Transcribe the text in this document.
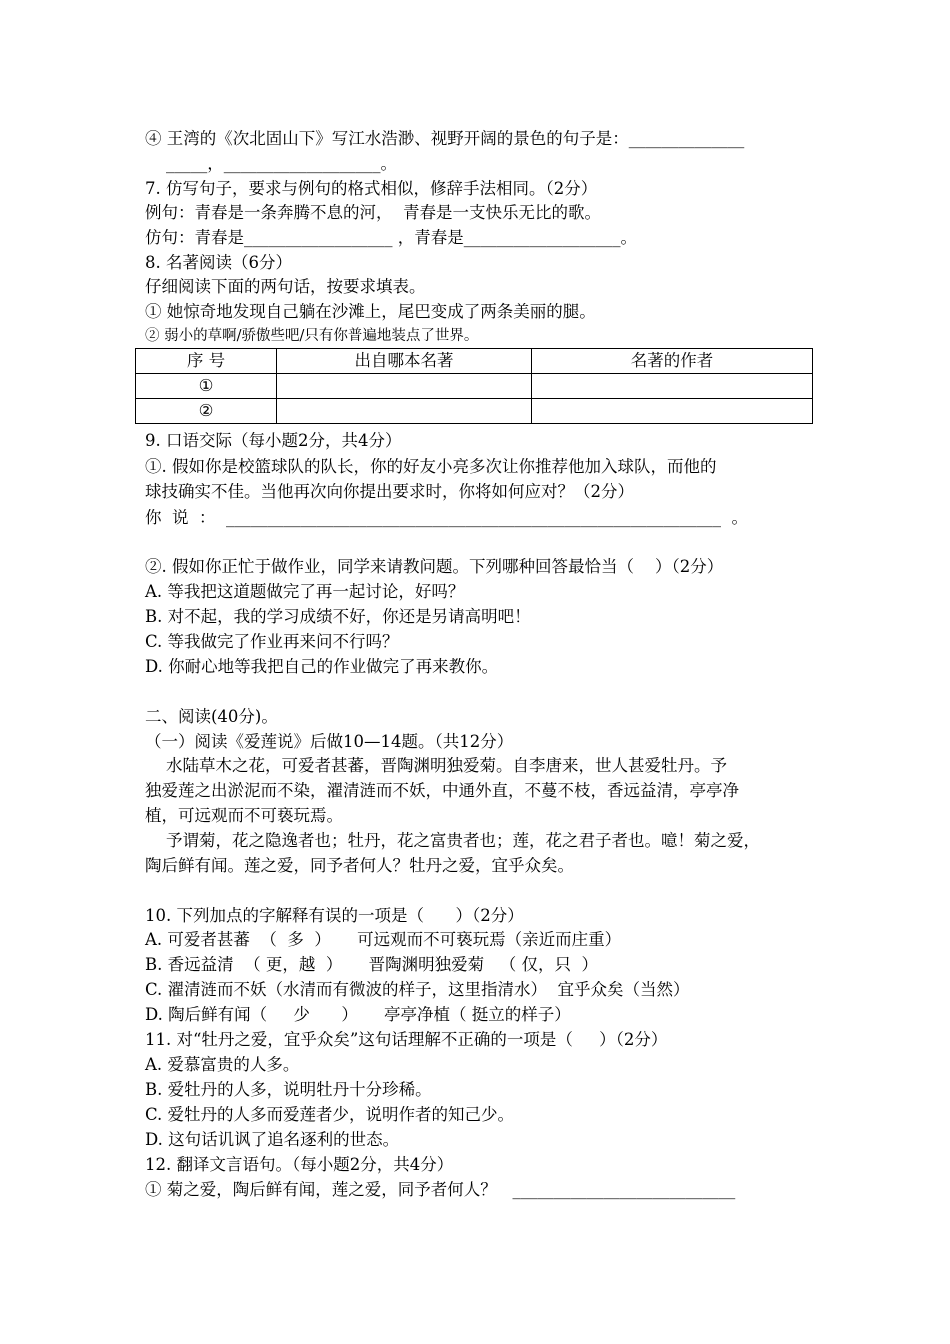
④ 王湾的《次北固山下》写江水浩渺、视野开阔的景色的句子是：______________
_____，___________________。
7. 仿写句子，要求与例句的格式相似，修辞手法相同。（2分）
例句：青春是一条奔腾不息的河，  青春是一支快乐无比的歌。
仿句：青春是__________________ ，青春是___________________。
8. 名著阅读（6分）
仔细阅读下面的两句话，按要求填表。
① 她惊奇地发现自己躺在沙滩上，尾巴变成了两条美丽的腿。
② 弱小的草啊/骄傲些吧/只有你普遍地装点了世界。
序 号	出自哪本名著	名著的作者
①		
②		
9. 口语交际（每小题2分，共4分）
①. 假如你是校篮球队的队长，你的好友小亮多次让你推荐他加入球队，而他的
球技确实不佳。当他再次向你提出要求时，你将如何应对？（2分）
你  说  ：  ____________________________________________________________  。
②. 假如你正忙于做作业，同学来请教问题。下列哪种回答最恰当（    ）（2分）
A. 等我把这道题做完了再一起讨论，好吗？
B. 对不起，我的学习成绩不好，你还是另请高明吧！
C. 等我做完了作业再来问不行吗？
D. 你耐心地等我把自己的作业做完了再来教你。
二、阅读(40分)。
（一）阅读《爱莲说》后做10—14题。（共12分）
水陆草木之花，可爱者甚蕃，晋陶渊明独爱菊。自李唐来，世人甚爱牡丹。予
独爱莲之出淤泥而不染，濯清涟而不妖，中通外直，不蔓不枝，香远益清，亭亭净
植，可远观而不可亵玩焉。
予谓菊，花之隐逸者也；牡丹，花之富贵者也；莲，花之君子者也。噫！菊之爱，
陶后鲜有闻。莲之爱，同予者何人？牡丹之爱，宜乎众矣。
10. 下列加点的字解释有误的一项是（      ）（2分）
A. 可爱者甚蕃  （  多  ）     可远观而不可亵玩焉（亲近而庄重）
B. 香远益清  （ 更，越  ）     晋陶渊明独爱菊   （ 仅，只  ）
C. 濯清涟而不妖（水清而有微波的样子，这里指清水）  宜乎众矣（当然）
D. 陶后鲜有闻（     少      ）     亭亭净植（ 挺立的样子）
11. 对“牡丹之爱，宜乎众矣”这句话理解不正确的一项是（     ）（2分）
A. 爱慕富贵的人多。
B. 爱牡丹的人多，说明牡丹十分珍稀。
C. 爱牡丹的人多而爱莲者少，说明作者的知己少。
D. 这句话讥讽了追名逐利的世态。
12. 翻译文言语句。（每小题2分，共4分）
① 菊之爱，陶后鲜有闻，莲之爱，同予者何人？   ___________________________
